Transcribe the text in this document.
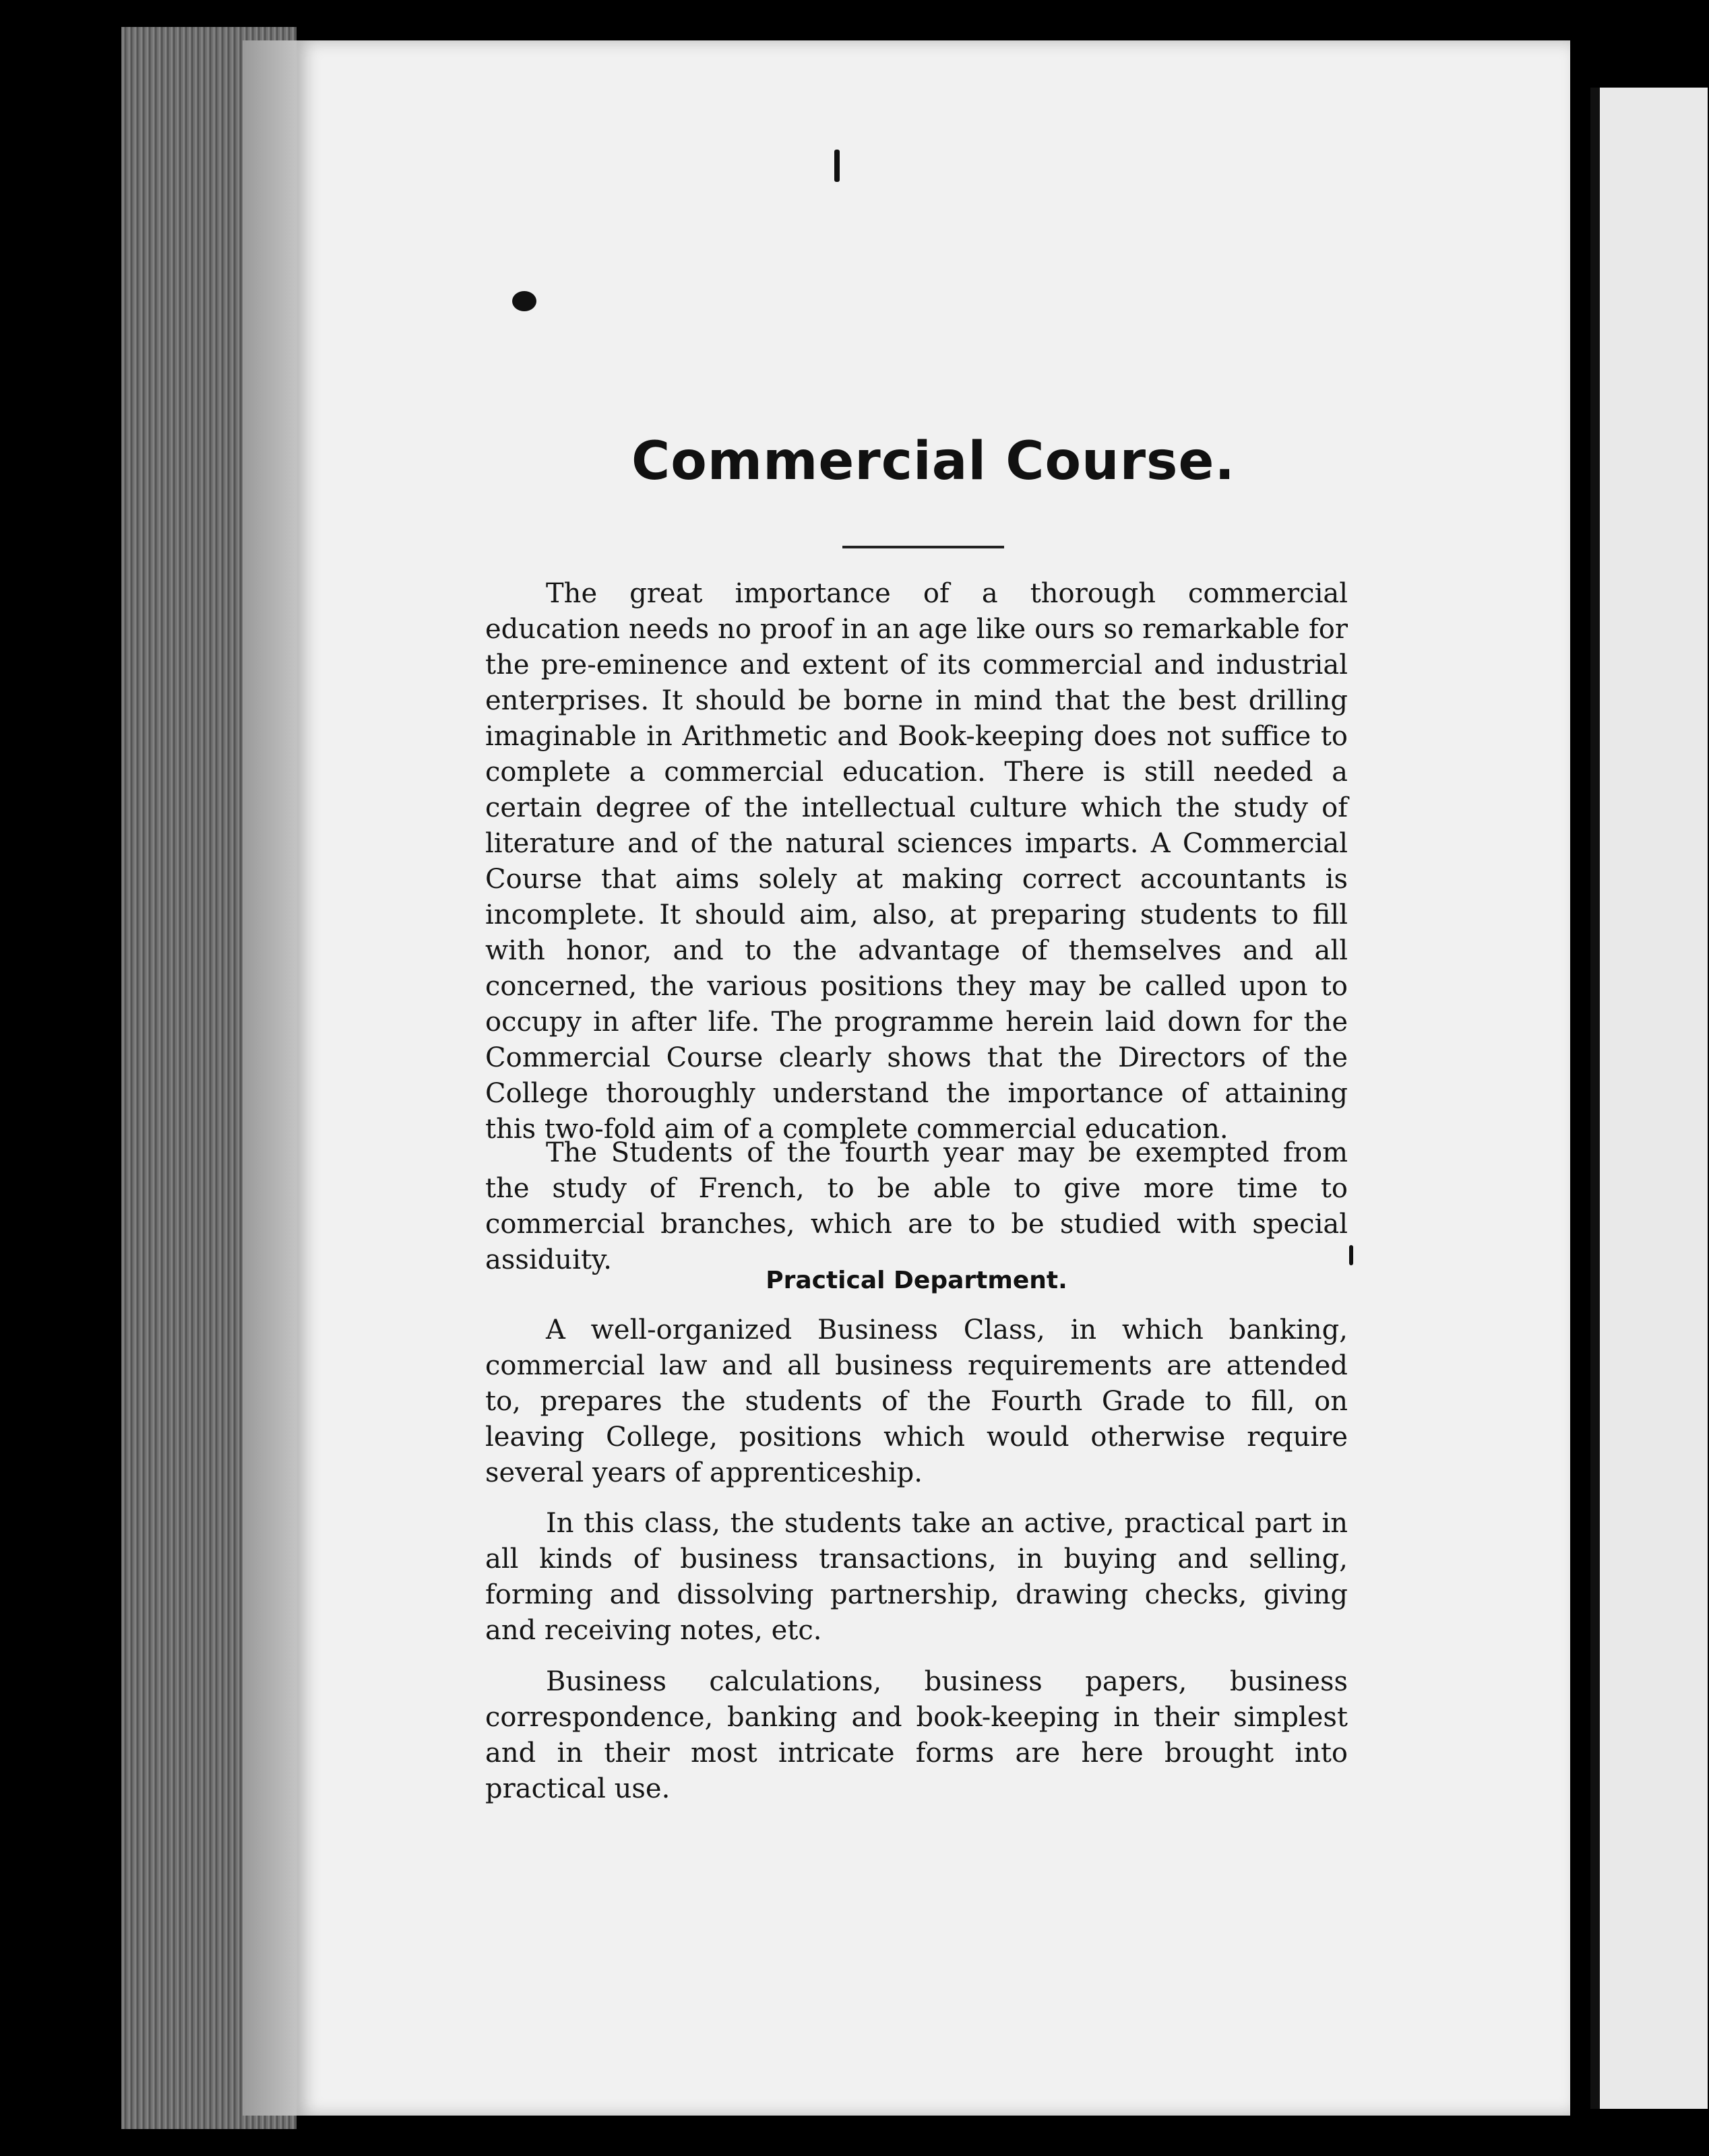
Commercial Course.

The great importance of a thorough commercial education needs no proof in an age like ours so remarkable for the pre-eminence and extent of its commercial and industrial enterprises. It should be borne in mind that the best drilling imaginable in Arithmetic and Book-keeping does not suffice to complete a commercial education. There is still needed a certain degree of the intellectual culture which the study of literature and of the natural sciences imparts. A Commercial Course that aims solely at making correct accountants is incomplete. It should aim, also, at preparing students to fill with honor, and to the advantage of themselves and all concerned, the various positions they may be called upon to occupy in after life. The programme herein laid down for the Commercial Course clearly shows that the Directors of the College thoroughly understand the importance of attaining this two-fold aim of a complete commercial education.

The Students of the fourth year may be exempted from the study of French, to be able to give more time to commercial branches, which are to be studied with special assiduity.

Practical Department.

A well-organized Business Class, in which banking, commercial law and all business requirements are attended to, prepares the students of the Fourth Grade to fill, on leaving College, positions which would otherwise require several years of apprenticeship.

In this class, the students take an active, practical part in all kinds of business transactions, in buying and selling, forming and dissolving partnership, drawing checks, giving and receiving notes, etc.

Business calculations, business papers, business correspondence, banking and book-keeping in their simplest and in their most intricate forms are here brought into practical use.
